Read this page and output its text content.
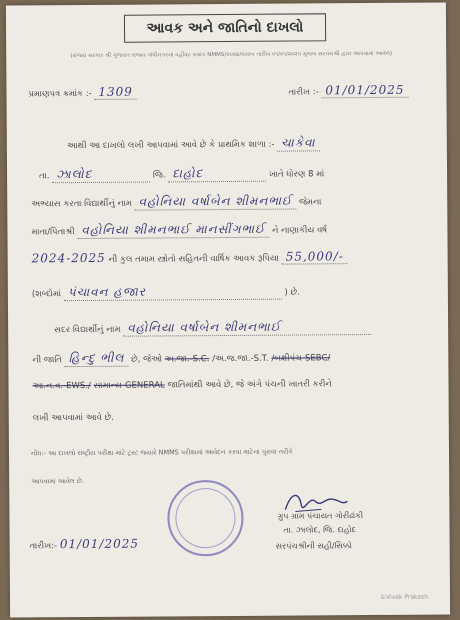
આવક અને જાતિનો દાખલો
(રાજ્ય સરકાર શ્રી ગુજરાત રાજ્ય ગાંધીનગરમાં વહીવટ ક્રમાંક NMMS/૨૦૨૪/૨૦૨૫ તારીખ ૦૧/૦૧/૨૦૨૫ મુજબ સરપંચશ્રી દ્વારા આપવામાં આવેલ)
પ્રમાણપત્ર ક્રમાંક :- 1309	તારીખ :- 01/01/2025
આથી આ દાખલો લખી આપવામાં આવે છે કે પ્રાથમિક શાળા :- ચાકેવા
તા. ઝાલોદ	જિ. દાહોદ	ખાતે ધોરણ 8 માં
અભ્યાસ કરતા વિદ્યાર્થીનું નામ વહોનિયા વર્ષાબેન શીમનભાઈ જેમના
માતા/પિતાશ્રી વહોનિયા શીમનભાઈ માનસીંગભાઈ ને નાણાકીય વર્ષ
2024-2025 ની કુલ તમામ સ્ત્રોતો સહિતની વાર્ષિક આવક રૂપિયા 55,000/-
(શબ્દોમાં પંચાવન હજાર	) છે.
સદર વિદ્યાર્થીનું નામ વહોનિયા વર્ષાબેન શીમનભાઈ
ની જાતિ હિન્દુ ભીલ છે, જેઓ અ.જા.-S.C. /અ.જ.જા.-S.T. /બક્ષીપંચ-SEBC/
આ.ન.વ.-EWS./ સામાન્ય-GENERAL જાતિમાંથી આવે છે, જે અંગે પંચની ખાતરી કરીને
લખી આપવામાં આવે છે.
નોંધ:- આ દાખલો રાષ્ટ્રીય પરીક્ષા માટે ટ્રસ્ટ જ્યારે NMMS પરીક્ષામાં આવેદન કરવા માટેના પુરાવા તરીકે
આપવામાં આવેલ છે.
ગ્રુપ ગ્રામ પંચાયત ગોરીઢાંકી
તા. ઝાલોદ, જિ. દાહોદ
સરપંચશ્રીની સહી/સિક્કો
તારીખ:- 01/01/2025
©Vivek Prakash
